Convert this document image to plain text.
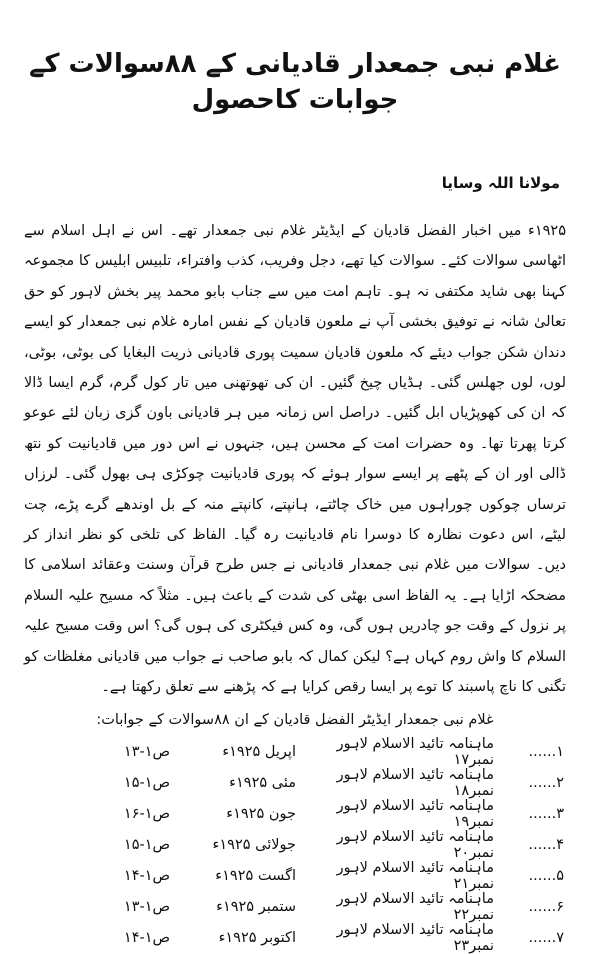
غلام نبی جمعدار قادیانی کے ۸۸سوالات کے جوابات کاحصول
مولانا اللہ وسایا

۱۹۲۵ء میں اخبار الفضل قادیان کے ایڈیٹر غلام نبی جمعدار تھے۔ اس نے اہل اسلام سے اٹھاسی سوالات کئے۔ سوالات کیا تھے، دجل وفریب، کذب وافتراء، تلبیس ابلیس کا مجموعہ کہنا بھی شاید مکتفی نہ ہو۔ تاہم امت میں سے جناب بابو محمد پیر بخش لاہور کو حق تعالیٰ شانہ نے توفیق بخشی آپ نے ملعون قادیان کے نفس امارہ غلام نبی جمعدار کو ایسے دندان شکن جواب دیئے کہ ملعون قادیان سمیت پوری قادیانی ذریت البغایا کی بوٹی، بوٹی، لوں، لوں جھلس گئی۔ ہڈیاں چیخ گئیں۔ ان کی تھوتھنی میں تار کول گرم، گرم ایسا ڈالا کہ ان کی کھوپڑیاں ابل گئیں۔ دراصل اس زمانہ میں ہر قادیانی باون گزی زبان لئے عوعو کرتا پھرتا تھا۔ وہ حضرات امت کے محسن ہیں، جنہوں نے اس دور میں قادیانیت کو نتھ ڈالی اور ان کے پٹھے پر ایسے سوار ہوئے کہ پوری قادیانیت چوکڑی ہی بھول گئی۔ لرزاں ترساں چوکوں چوراہوں میں خاک چاٹتے، ہانپتے، کانپتے منہ کے بل اوندھے گرے پڑے، چت لیٹے، اس دعوت نظارہ کا دوسرا نام قادیانیت رہ گیا۔ الفاظ کی تلخی کو نظر انداز کر دیں۔ سوالات میں غلام نبی جمعدار قادیانی نے جس طرح قرآن وسنت وعقائد اسلامی کا مضحکہ اڑایا ہے۔ یہ الفاظ اسی بھٹی کی شدت کے باعث ہیں۔ مثلاً کہ مسیح علیہ السلام پر نزول کے وقت جو چادریں ہوں گی، وہ کس فیکٹری کی ہوں گی؟ اس وقت مسیح علیہ السلام کا واش روم کہاں ہے؟ لیکن کمال کہ بابو صاحب نے جواب میں قادیانی مغلظات کو تگنی کا ناچ پاسبند کا توے پر ایسا رقص کرایا ہے کہ پڑھنے سے تعلق رکھتا ہے۔

غلام نبی جمعدار ایڈیٹر الفضل قادیان کے ان ۸۸سوالات کے جوابات:
۱......
ماہنامہ تائید الاسلام لاہور نمبر۱۷
اپریل ۱۹۲۵ء
ص۱-۱۳
۲......
ماہنامہ تائید الاسلام لاہور نمبر۱۸
مئی ۱۹۲۵ء
ص۱-۱۵
۳......
ماہنامہ تائید الاسلام لاہور نمبر۱۹
جون ۱۹۲۵ء
ص۱-۱۶
۴......
ماہنامہ تائید الاسلام لاہور نمبر۲۰
جولائی ۱۹۲۵ء
ص۱-۱۵
۵......
ماہنامہ تائید الاسلام لاہور نمبر۲۱
اگست ۱۹۲۵ء
ص۱-۱۴
۶......
ماہنامہ تائید الاسلام لاہور نمبر۲۲
ستمبر ۱۹۲۵ء
ص۱-۱۳
۷......
ماہنامہ تائید الاسلام لاہور نمبر۲۳
اکتوبر ۱۹۲۵ء
ص۱-۱۴
